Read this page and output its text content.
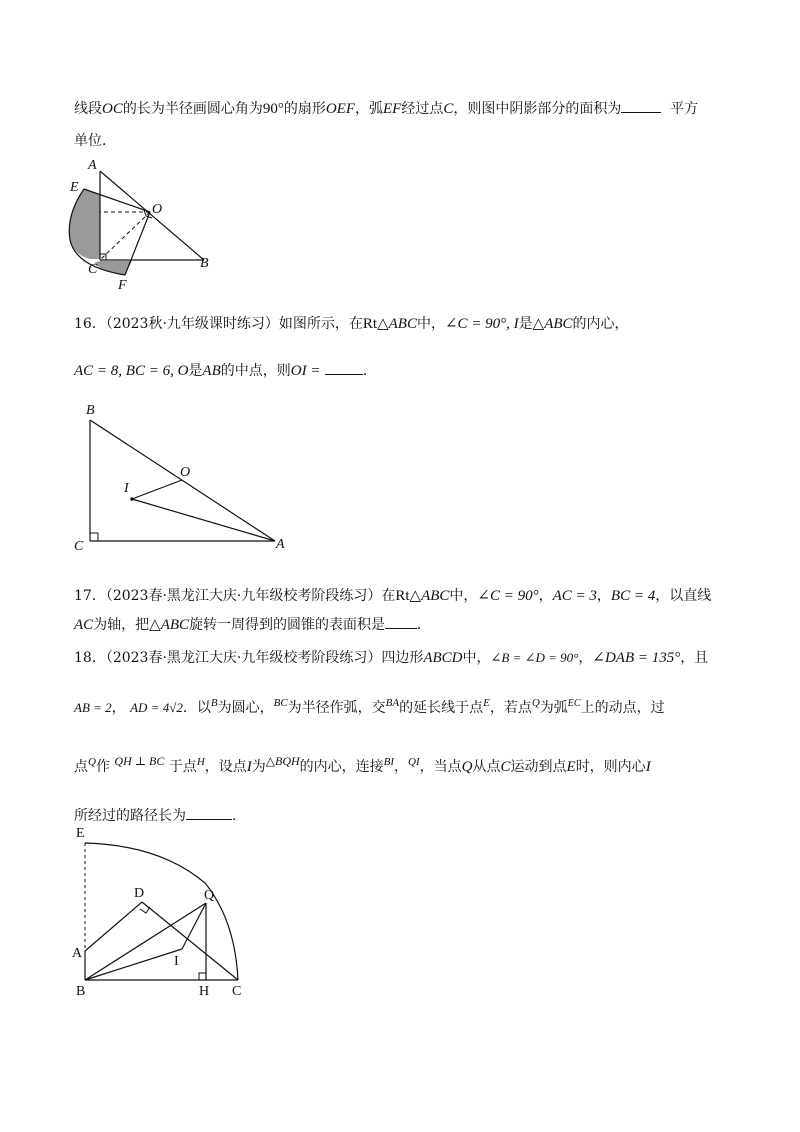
线段OC的长为半径画圆心角为90°的扇形OEF，弧EF经过点C，则图中阴影部分的面积为	平方
单位．
A
E
O
C
F
B
16．（2023秋·九年级课时练习）如图所示，在Rt△ABC中，∠C = 90°, I是△ABC的内心，
AC = 8, BC = 6, O是AB的中点，则OI =	．
B
O
I
C	A
17．（2023春·黑龙江大庆·九年级校考阶段练习）在Rt△ABC中，∠C = 90°，AC = 3，BC = 4，以直线
AC为轴，把△ABC旋转一周得到的圆锥的表面积是 ．
18．（2023春·黑龙江大庆·九年级校考阶段练习）四边形ABCD中，∠B = ∠D = 90°，∠DAB = 135°，且
AB = 2， AD = 4√2．以$^B$为圆心，$^{BC}$为半径作弧，交$^{BA}$的延长线于点$^E$，若点$^Q$为弧$^{EC}$上的动点，过
点$^Q$作 QH ⊥ BC 于点$^H$，设点I为△BQH的内心，连接$^{BI}$，$^{QI}$，当点Q从点C运动到点E时，则内心I
所经过的路径长为	．
E
D	Q
A
I
B	H C
